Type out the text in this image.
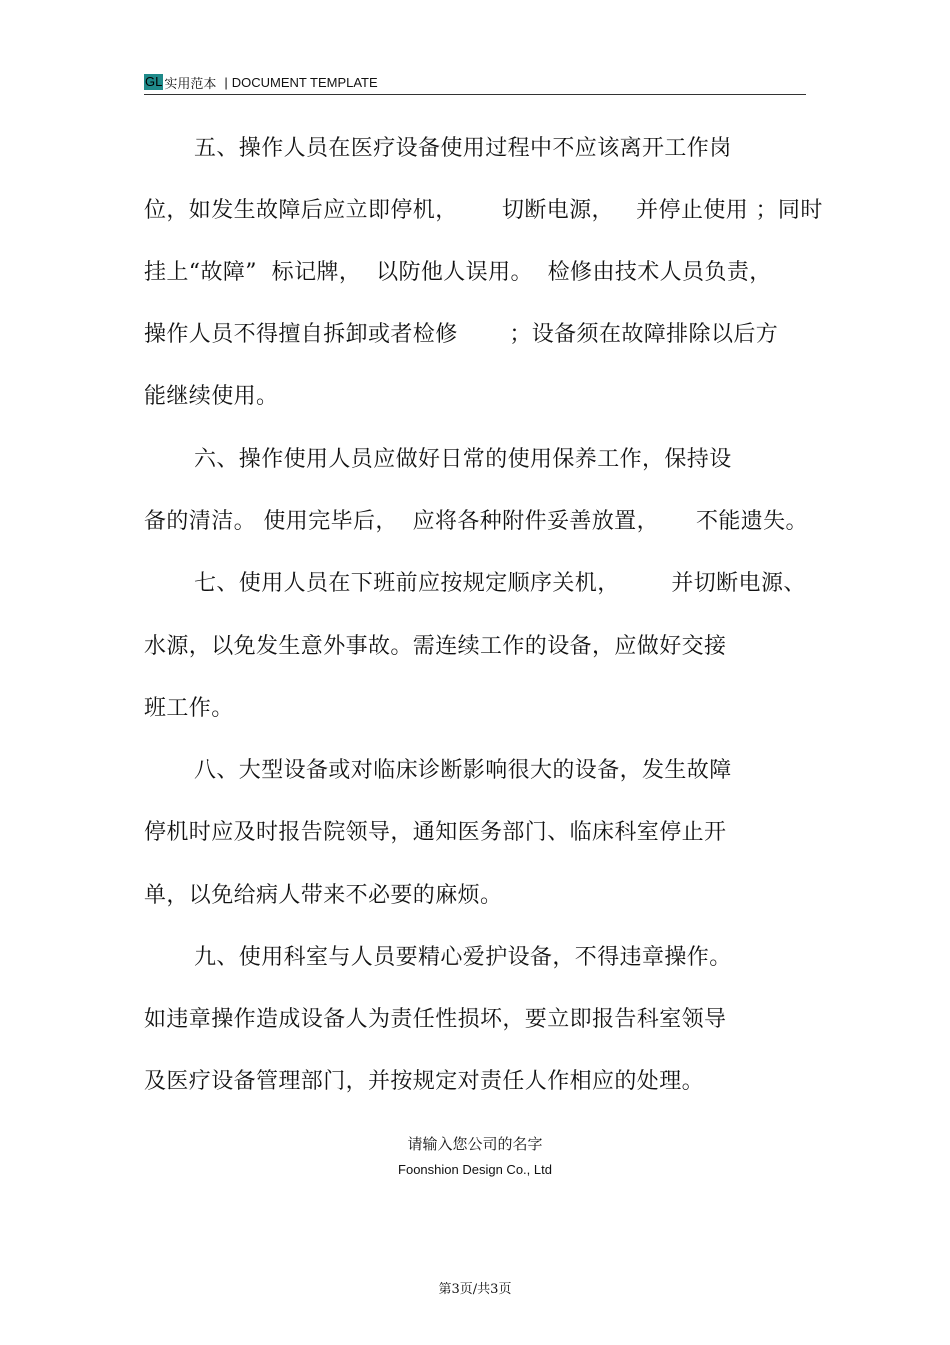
GL 实用范本 | DOCUMENT TEMPLATE
五、操作人员在医疗设备使用过程中不应该离开工作岗
位，如发生故障后应立即停机，      切断电源，   并停止使用 ；同时
挂上“故障”  标记牌，  以防他人误用。  检修由技术人员负责，
操作人员不得擅自拆卸或者检修       ；设备须在故障排除以后方
能继续使用。
六、操作使用人员应做好日常的使用保养工作，保持设
备的清洁。 使用完毕后，  应将各种附件妥善放置，     不能遗失。
七、使用人员在下班前应按规定顺序关机，       并切断电源、
水源，以免发生意外事故。需连续工作的设备，应做好交接
班工作。
八、大型设备或对临床诊断影响很大的设备，发生故障
停机时应及时报告院领导，通知医务部门、临床科室停止开
单，以免给病人带来不必要的麻烦。
九、使用科室与人员要精心爱护设备，不得违章操作。
如违章操作造成设备人为责任性损坏，要立即报告科室领导
及医疗设备管理部门，并按规定对责任人作相应的处理。
请输入您公司的名字
Foonshion Design Co., Ltd
第3页/共3页
